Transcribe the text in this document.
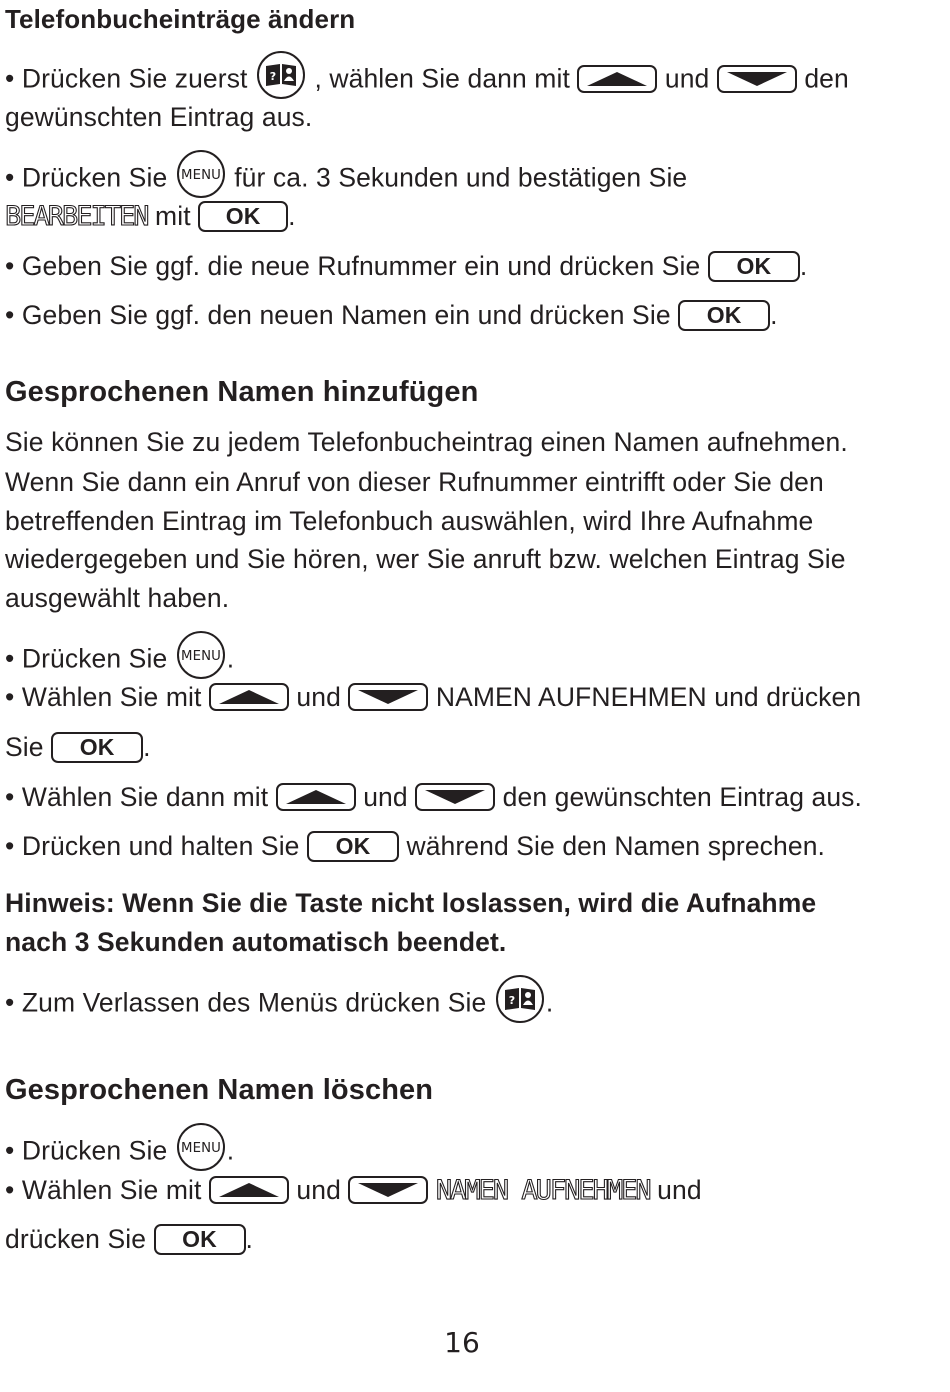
Telefonbucheinträge ändern
• Drücken Sie zuerst ? , wählen Sie dann mit	und	den
gewünschten Eintrag aus.
• Drücken Sie MENU für ca. 3 Sekunden und bestätigen Sie
BEARBEITEN mit OK .
• Geben Sie ggf. die neue Rufnummer ein und drücken Sie OK .
• Geben Sie ggf. den neuen Namen ein und drücken Sie OK .
Gesprochenen Namen hinzufügen
Sie können Sie zu jedem Telefonbucheintrag einen Namen aufnehmen.
Wenn Sie dann ein Anruf von dieser Rufnummer eintrifft oder Sie den
betreffenden Eintrag im Telefonbuch auswählen, wird Ihre Aufnahme
wiedergegeben und Sie hören, wer Sie anruft bzw. welchen Eintrag Sie
ausgewählt haben.
• Drücken Sie MENU .
• Wählen Sie mit	und	NAMEN AUFNEHMEN und drücken
Sie OK .
• Wählen Sie dann mit	und	den gewünschten Eintrag aus.
• Drücken und halten Sie OK während Sie den Namen sprechen.
Hinweis: Wenn Sie die Taste nicht loslassen, wird die Aufnahme
nach 3 Sekunden automatisch beendet.
• Zum Verlassen des Menüs drücken Sie ? .
Gesprochenen Namen löschen
• Drücken Sie MENU .
• Wählen Sie mit	und	NAMEN AUFNEHMEN und
drücken Sie OK .
16
